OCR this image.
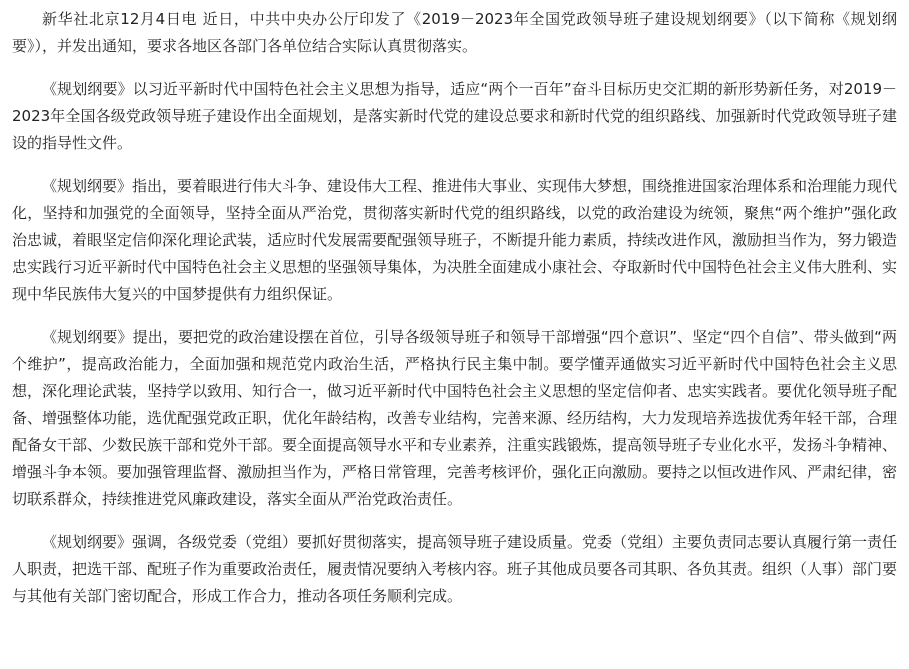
新华社北京12月4日电 近日，中共中央办公厅印发了《2019－2023年全国党政领导班子建设规划纲要》（以下简称《规划纲要》），并发出通知，要求各地区各部门各单位结合实际认真贯彻落实。

《规划纲要》以习近平新时代中国特色社会主义思想为指导，适应“两个一百年”奋斗目标历史交汇期的新形势新任务，对2019－2023年全国各级党政领导班子建设作出全面规划，是落实新时代党的建设总要求和新时代党的组织路线、加强新时代党政领导班子建设的指导性文件。

《规划纲要》指出，要着眼进行伟大斗争、建设伟大工程、推进伟大事业、实现伟大梦想，围绕推进国家治理体系和治理能力现代化，坚持和加强党的全面领导，坚持全面从严治党，贯彻落实新时代党的组织路线，以党的政治建设为统领，聚焦“两个维护”强化政治忠诚，着眼坚定信仰深化理论武装，适应时代发展需要配强领导班子，不断提升能力素质，持续改进作风，激励担当作为，努力锻造忠实践行习近平新时代中国特色社会主义思想的坚强领导集体，为决胜全面建成小康社会、夺取新时代中国特色社会主义伟大胜利、实现中华民族伟大复兴的中国梦提供有力组织保证。

《规划纲要》提出，要把党的政治建设摆在首位，引导各级领导班子和领导干部增强“四个意识”、坚定“四个自信”、带头做到“两个维护”，提高政治能力，全面加强和规范党内政治生活，严格执行民主集中制。要学懂弄通做实习近平新时代中国特色社会主义思想，深化理论武装，坚持学以致用、知行合一，做习近平新时代中国特色社会主义思想的坚定信仰者、忠实实践者。要优化领导班子配备、增强整体功能，选优配强党政正职，优化年龄结构，改善专业结构，完善来源、经历结构，大力发现培养选拔优秀年轻干部，合理配备女干部、少数民族干部和党外干部。要全面提高领导水平和专业素养，注重实践锻炼，提高领导班子专业化水平，发扬斗争精神、增强斗争本领。要加强管理监督、激励担当作为，严格日常管理，完善考核评价，强化正向激励。要持之以恒改进作风、严肃纪律，密切联系群众，持续推进党风廉政建设，落实全面从严治党政治责任。

《规划纲要》强调，各级党委（党组）要抓好贯彻落实，提高领导班子建设质量。党委（党组）主要负责同志要认真履行第一责任人职责，把选干部、配班子作为重要政治责任，履责情况要纳入考核内容。班子其他成员要各司其职、各负其责。组织（人事）部门要与其他有关部门密切配合，形成工作合力，推动各项任务顺利完成。
